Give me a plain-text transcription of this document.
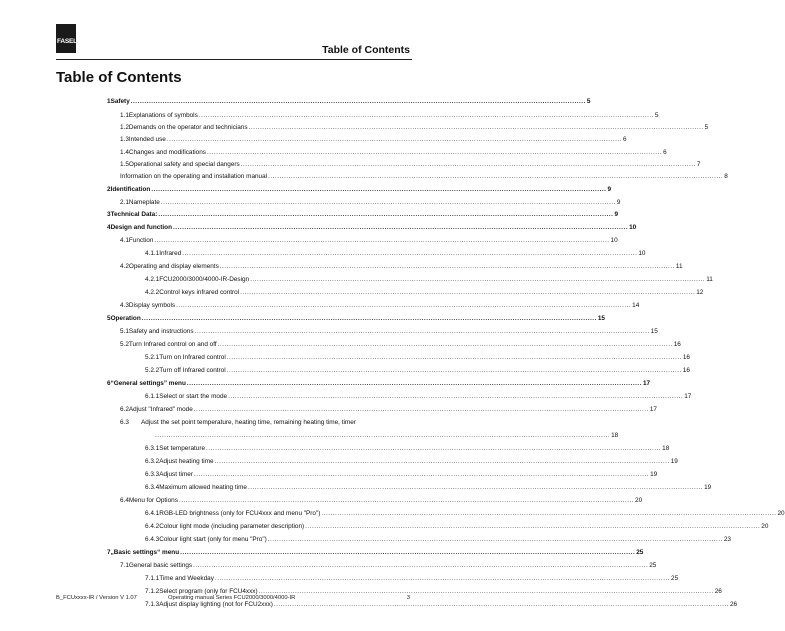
FASEL
Table of Contents
Table of Contents
1 Safety ........................................................................................................................................................................................................ 5
1.1 Explanations of symbols ........................................................................................................................................................................................................ 5
1.2 Demands on the operator and technicians ........................................................................................................................................................................................................ 5
1.3 Intended use ........................................................................................................................................................................................................ 6
1.4 Changes and modifications ........................................................................................................................................................................................................ 6
1.5 Operational safety and special dangers ........................................................................................................................................................................................................ 7
Information on the operating and installation manual ........................................................................................................................................................................................................ 8
2 Identification ........................................................................................................................................................................................................ 9
2.1 Nameplate ........................................................................................................................................................................................................ 9
3 Technical Data: ........................................................................................................................................................................................................ 9
4 Design and function ........................................................................................................................................................................................................ 10
4.1 Function ........................................................................................................................................................................................................ 10
4.1.1 Infrared ........................................................................................................................................................................................................ 10
4.2 Operating and display elements ........................................................................................................................................................................................................ 11
4.2.1 FCU2000/3000/4000-IR-Design ........................................................................................................................................................................................................ 11
4.2.2 Control keys infrared control ........................................................................................................................................................................................................ 12
4.3 Display symbols ........................................................................................................................................................................................................ 14
5 Operation ........................................................................................................................................................................................................ 15
5.1 Safety and instructions ........................................................................................................................................................................................................ 15
5.2 Turn Infrared control on and off ........................................................................................................................................................................................................ 16
5.2.1 Turn on Infrared control ........................................................................................................................................................................................................ 16
5.2.2 Turn off Infrared control ........................................................................................................................................................................................................ 16
6 “General settings” menu ........................................................................................................................................................................................................ 17
6.1.1 Select or start the mode ........................................................................................................................................................................................................ 17
6.2 Adjust "Infrared" mode ........................................................................................................................................................................................................ 17
6.3	Adjust the set point temperature, heating time, remaining heating time, timer
........................................................................................................................................................................................................ 18
6.3.1 Set temperature ........................................................................................................................................................................................................ 18
6.3.2 Adjust heating time ........................................................................................................................................................................................................ 19
6.3.3 Adjust timer ........................................................................................................................................................................................................ 19
6.3.4 Maximum allowed heating time ........................................................................................................................................................................................................ 19
6.4 Menu for Options ........................................................................................................................................................................................................ 20
6.4.1 RGB-LED brightness (only for FCU4xxx and menu "Pro") ........................................................................................................................................................................................................ 20
6.4.2 Colour light mode (including parameter description) ........................................................................................................................................................................................................ 20
6.4.3 Colour light start (only for menu "Pro") ........................................................................................................................................................................................................ 23
7 „Basic settings“ menu ........................................................................................................................................................................................................ 25
7.1 General basic settings ........................................................................................................................................................................................................ 25
7.1.1 Time and Weekday ........................................................................................................................................................................................................ 25
7.1.2 Select program (only for FCU4xxx) ........................................................................................................................................................................................................ 26
7.1.3 Adjust display lighting (not for FCU2xxx) ........................................................................................................................................................................................................ 26
B_FCUxxxx-IR / Version V 1.07	Operating manual Series FCU2000/3000/4000-IR	3
